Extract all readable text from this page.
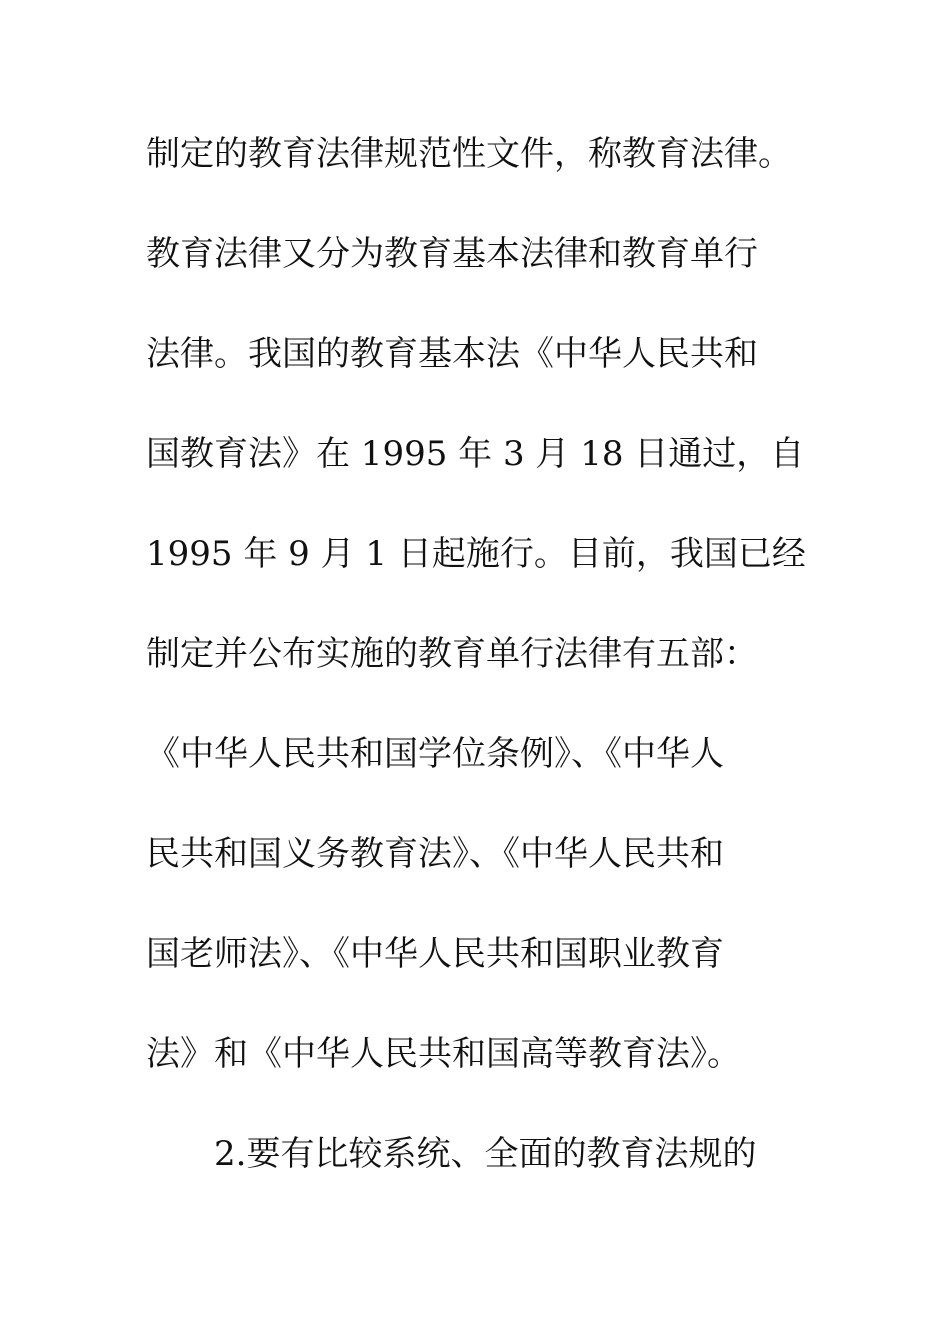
制定的教育法律规范性文件，称教育法律。
教育法律又分为教育基本法律和教育单行
法律。我国的教育基本法《中华人民共和
国教育法》在 1995 年 3 月 18 日通过，自
1995 年 9 月 1 日起施行。目前，我国已经
制定并公布实施的教育单行法律有五部：
《中华人民共和国学位条例》、《中华人
民共和国义务教育法》、《中华人民共和
国老师法》、《中华人民共和国职业教育
法》和《中华人民共和国高等教育法》。
2.要有比较系统、全面的教育法规的
